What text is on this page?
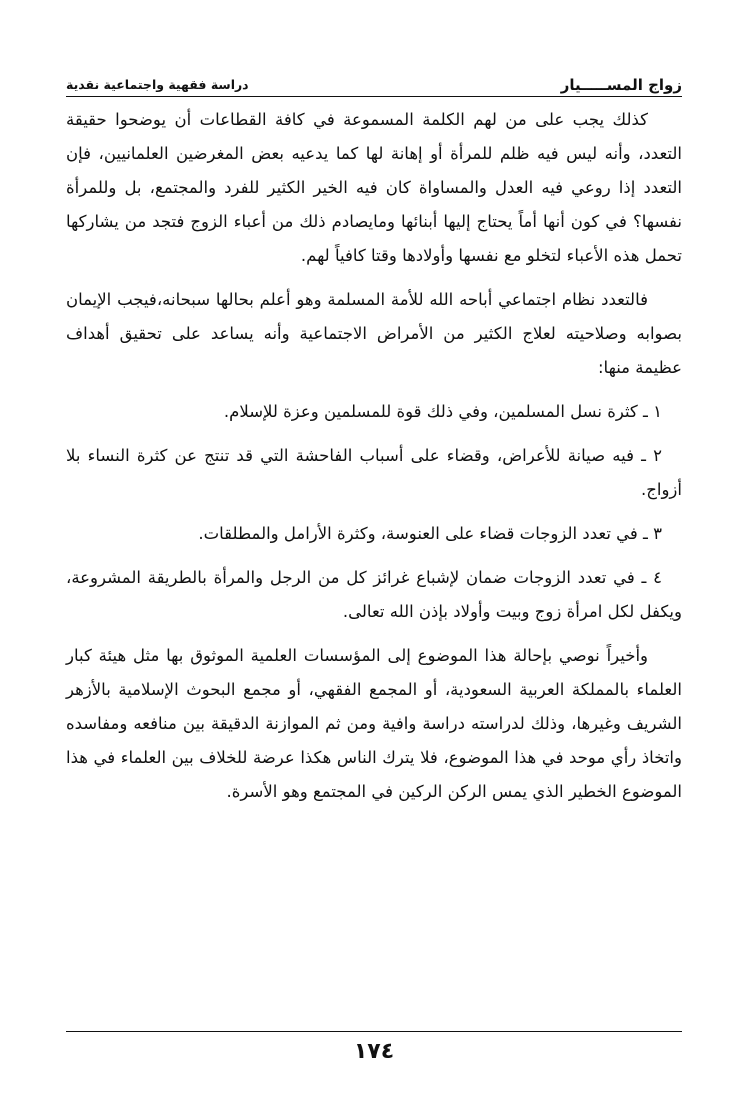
زواج المســـــيار
دراسة فقهية واجتماعية نقدية

كذلك يجب على من لهم الكلمة المسموعة في كافة القطاعات أن يوضحوا حقيقة التعدد، وأنه ليس فيه ظلم للمرأة أو إهانة لها كما يدعيه بعض المغرضين العلمانيين، فإن التعدد إذا روعي فيه العدل والمساواة كان فيه الخير الكثير للفرد والمجتمع، بل وللمرأة نفسها؟ في كون أنها أماً يحتاج إليها أبنائها ومايصادم ذلك من أعباء الزوج فتجد من يشاركها تحمل هذه الأعباء لتخلو مع نفسها وأولادها وقتا كافياً لهم.

فالتعدد نظام اجتماعي أباحه الله للأمة المسلمة وهو أعلم بحالها سبحانه،فيجب الإيمان بصوابه وصلاحيته لعلاج الكثير من الأمراض الاجتماعية وأنه يساعد على تحقيق أهداف عظيمة منها:

١ ـ كثرة نسل المسلمين، وفي ذلك قوة للمسلمين وعزة للإسلام.

٢ ـ فيه صيانة للأعراض، وقضاء على أسباب الفاحشة التي قد تنتج عن كثرة النساء بلا أزواج.

٣ ـ في تعدد الزوجات قضاء على العنوسة، وكثرة الأرامل والمطلقات.

٤ ـ في تعدد الزوجات ضمان لإشباع غرائز كل من الرجل والمرأة بالطريقة المشروعة، ويكفل لكل امرأة زوج وبيت وأولاد بإذن الله تعالى.

وأخيراً نوصي بإحالة هذا الموضوع إلى المؤسسات العلمية الموثوق بها مثل هيئة كبار العلماء بالمملكة العربية السعودية، أو المجمع الفقهي، أو مجمع البحوث الإسلامية بالأزهر الشريف وغيرها، وذلك لدراسته دراسة وافية ومن ثم الموازنة الدقيقة بين منافعه ومفاسده واتخاذ رأي موحد في هذا الموضوع، فلا يترك الناس هكذا عرضة للخلاف بين العلماء في هذا الموضوع الخطير الذي يمس الركن الركين في المجتمع وهو الأسرة.

١٧٤
